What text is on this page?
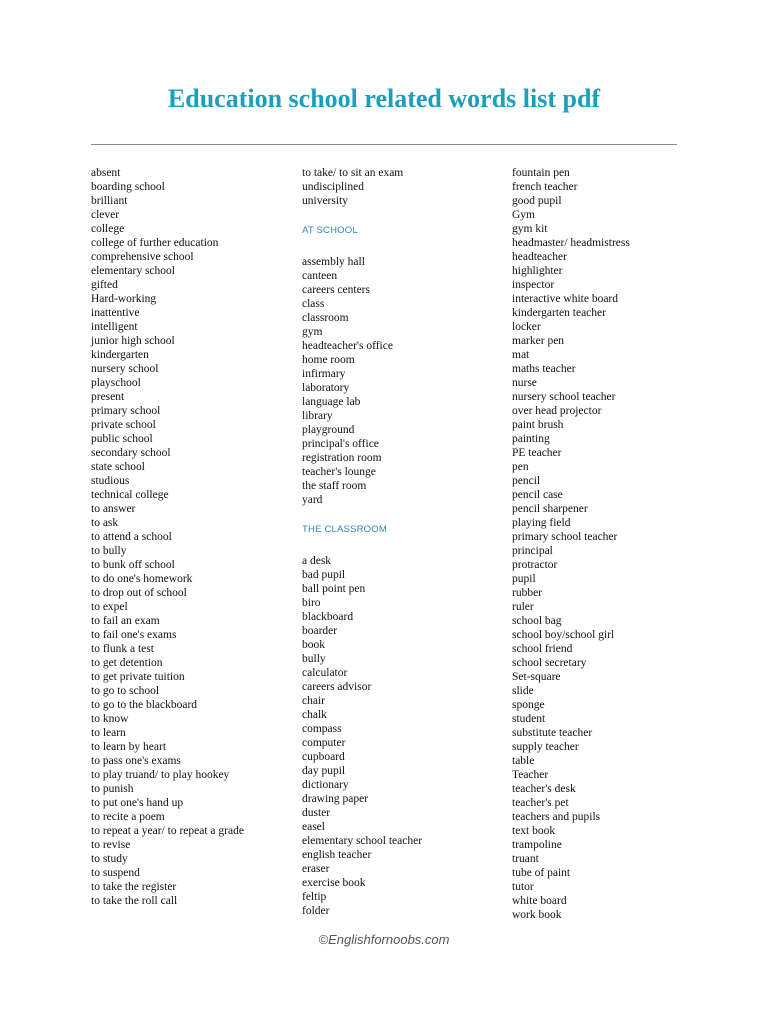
Education school related words list pdf
absent
boarding school
brilliant
clever
college
college of further education
comprehensive school
elementary school
gifted
Hard-working
inattentive
intelligent
junior high school
kindergarten
nursery school
playschool
present
primary school
private school
public school
secondary school
state school
studious
technical college
to answer
to ask
to attend a school
to bully
to bunk off school
to do one's homework
to drop out of school
to expel
to fail an exam
to fail one's exams
to flunk a test
to get detention
to get private tuition
to go to school
to go to the blackboard
to know
to learn
to learn by heart
to pass one's exams
to play truand/ to play hookey
to punish
to put one's hand up
to recite a poem
to repeat a year/ to repeat a grade
to revise
to study
to suspend
to take the register
to take the roll call
to take/ to sit an exam
undisciplined
university
AT SCHOOL
assembly hall
canteen
careers centers
class
classroom
gym
headteacher's office
home room
infirmary
laboratory
language lab
library
playground
principal's office
registration room
teacher's lounge
the staff room
yard
THE CLASSROOM
a desk
bad pupil
ball point pen
biro
blackboard
boarder
book
bully
calculator
careers advisor
chair
chalk
compass
computer
cupboard
day pupil
dictionary
drawing paper
duster
easel
elementary school teacher
english teacher
eraser
exercise book
feltip
folder
fountain pen
french teacher
good pupil
Gym
gym kit
headmaster/ headmistress
headteacher
highlighter
inspector
interactive white board
kindergarten teacher
locker
marker pen
mat
maths teacher
nurse
nursery school teacher
over head projector
paint brush
painting
PE teacher
pen
pencil
pencil case
pencil sharpener
playing field
primary school teacher
principal
protractor
pupil
rubber
ruler
school bag
school boy/school girl
school friend
school secretary
Set-square
slide
sponge
student
substitute teacher
supply teacher
table
Teacher
teacher's desk
teacher's pet
teachers and pupils
text book
trampoline
truant
tube of paint
tutor
white board
work book
©Englishfornoobs.com
